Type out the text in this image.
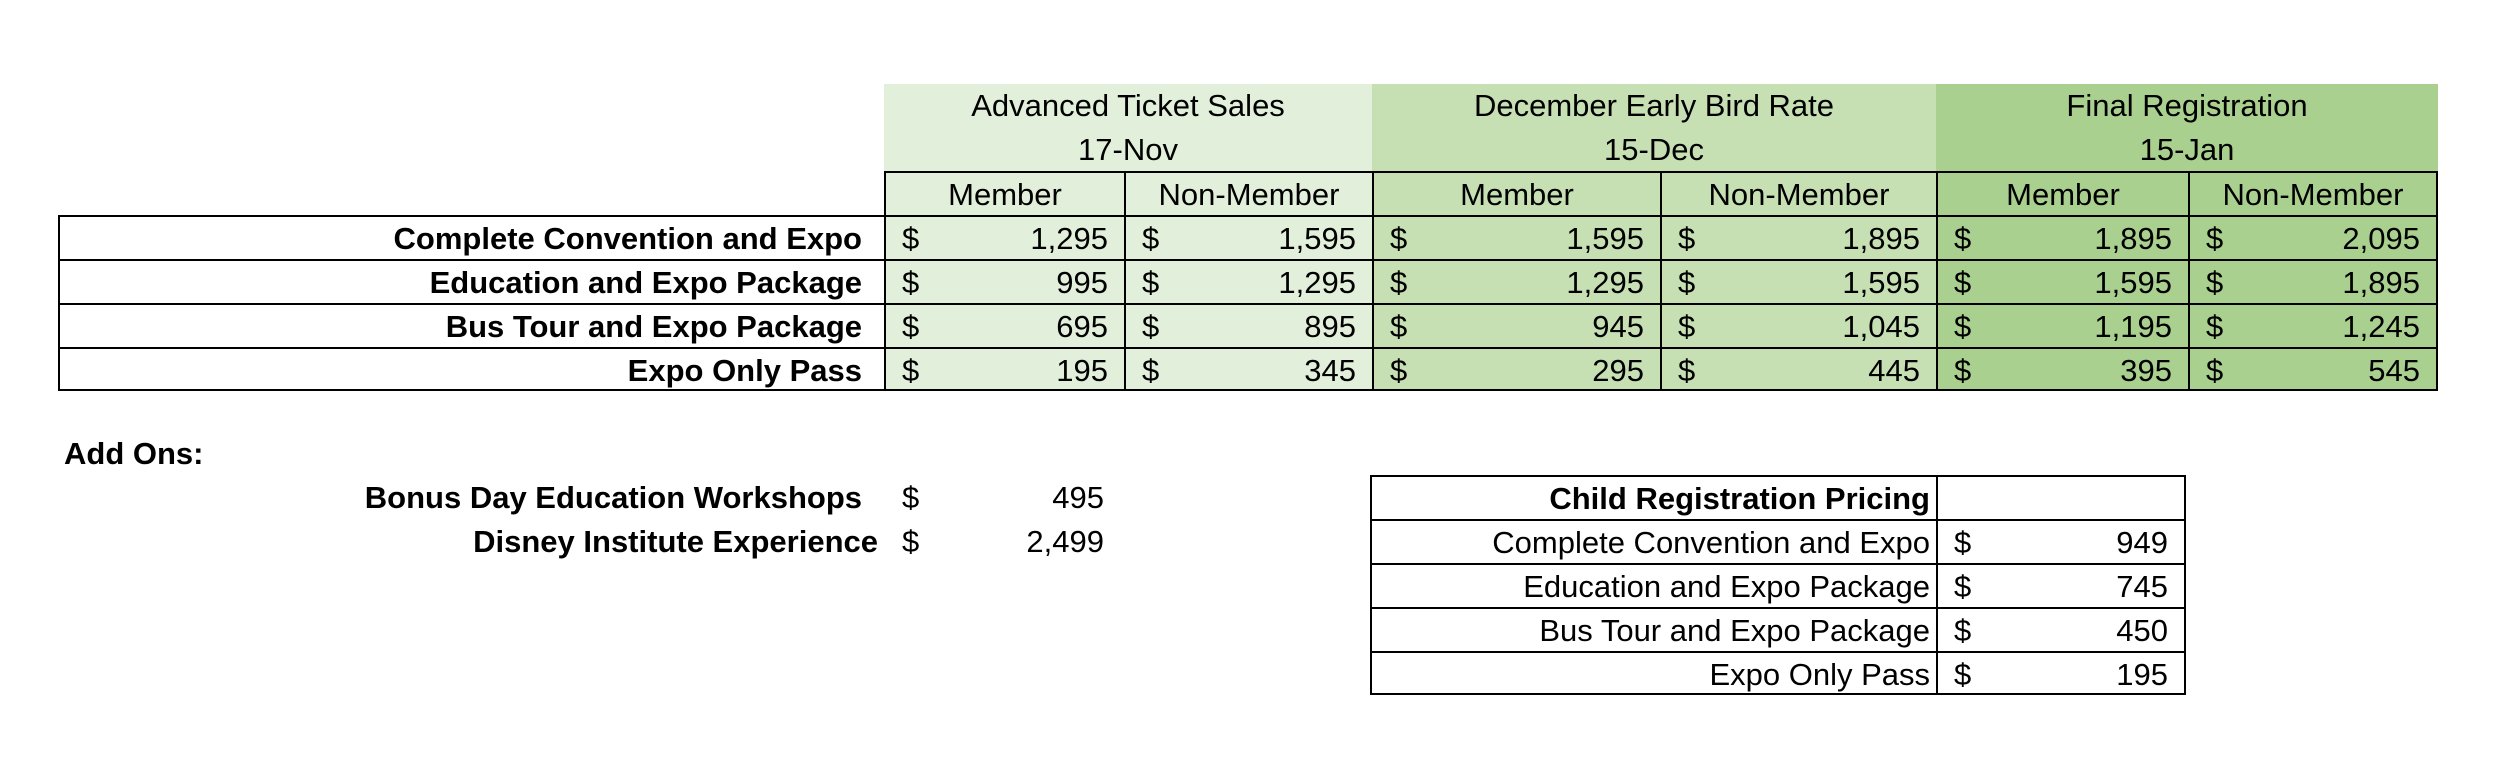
Advanced Ticket Sales
17-Nov
December Early Bird Rate
15-Dec
Final Registration
15-Jan
Member	Non-Member	Member	Non-Member	Member	Non-Member
Complete Convention and Expo	$	1,295 $	1,595 $	1,595 $	1,895 $	1,895 $	2,095
Education and Expo Package	$	995 $	1,295 $	1,295 $	1,595 $	1,595 $	1,895
Bus Tour and Expo Package	$	695 $	895 $	945 $	1,045 $	1,195 $	1,245
Expo Only Pass	$	195 $	345 $	295 $	445 $	395 $	545
Add Ons:
Bonus Day Education Workshops $	495
Disney Institute Experience $	2,499
Child Registration Pricing
Complete Convention and Expo $	949
Education and Expo Package $	745
Bus Tour and Expo Package $	450
Expo Only Pass $	195
